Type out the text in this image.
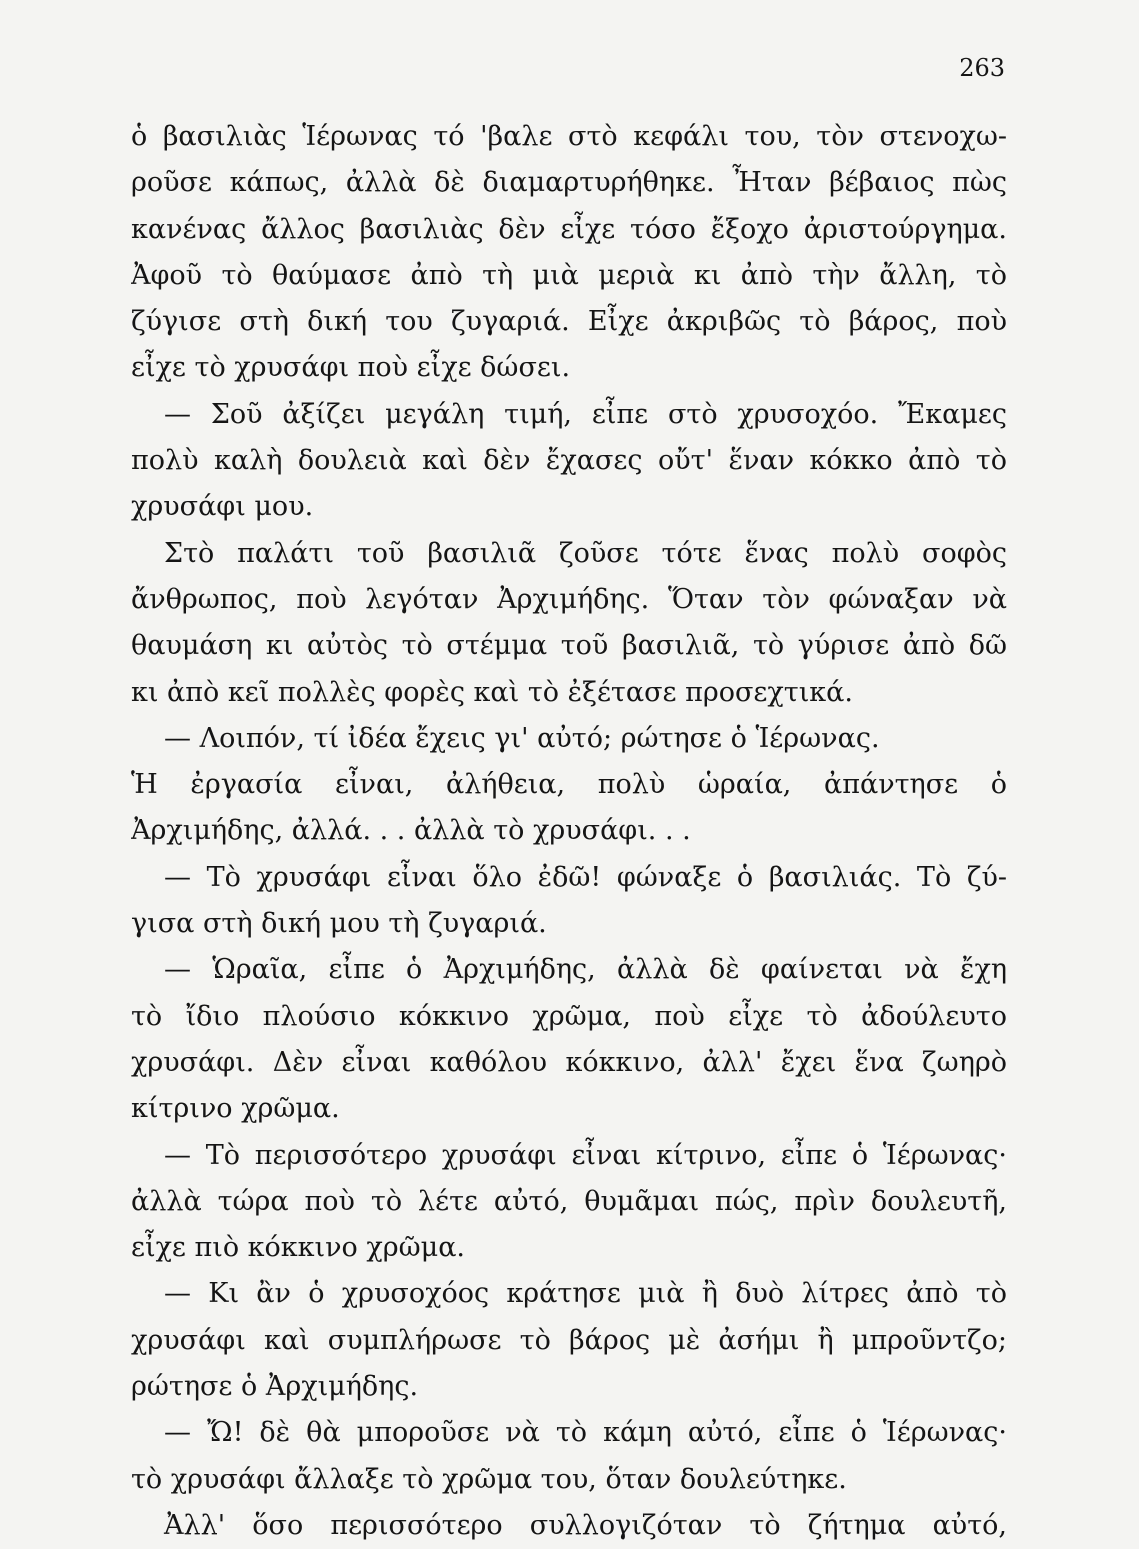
263
ὁ βασιλιὰς Ἱέρωνας τό 'βαλε στὸ κεφάλι του, τὸν στενοχω-
ροῦσε κάπως, ἀλλὰ δὲ διαμαρτυρήθηκε. Ἦταν βέβαιος πὼς
κανένας ἄλλος βασιλιὰς δὲν εἶχε τόσο ἔξοχο ἀριστούργημα.
Ἀφοῦ τὸ θαύμασε ἀπὸ τὴ μιὰ μεριὰ κι ἀπὸ τὴν ἄλλη, τὸ
ζύγισε στὴ δική του ζυγαριά. Εἶχε ἀκριβῶς τὸ βάρος, ποὺ
εἶχε τὸ χρυσάφι ποὺ εἶχε δώσει.
— Σοῦ ἀξίζει μεγάλη τιμή, εἶπε στὸ χρυσοχόο. Ἔκαμες
πολὺ καλὴ δουλειὰ καὶ δὲν ἔχασες οὔτ' ἕναν κόκκο ἀπὸ τὸ
χρυσάφι μου.
Στὸ παλάτι τοῦ βασιλιᾶ ζοῦσε τότε ἕνας πολὺ σοφὸς
ἄνθρωπος, ποὺ λεγόταν Ἀρχιμήδης. Ὅταν τὸν φώναξαν νὰ
θαυμάση κι αὐτὸς τὸ στέμμα τοῦ βασιλιᾶ, τὸ γύρισε ἀπὸ δῶ
κι ἀπὸ κεῖ πολλὲς φορὲς καὶ τὸ ἐξέτασε προσεχτικά.
— Λοιπόν, τί ἰδέα ἔχεις γι' αὐτό; ρώτησε ὁ Ἱέρωνας.
Ἡ ἐργασία εἶναι, ἀλήθεια, πολὺ ὡραία, ἀπάντησε ὁ
Ἀρχιμήδης, ἀλλά. . . ἀλλὰ τὸ χρυσάφι. . .
— Τὸ χρυσάφι εἶναι ὅλο ἐδῶ! φώναξε ὁ βασιλιάς. Τὸ ζύ-
γισα στὴ δική μου τὴ ζυγαριά.
— Ὡραῖα, εἶπε ὁ Ἀρχιμήδης, ἀλλὰ δὲ φαίνεται νὰ ἔχη
τὸ ἴδιο πλούσιο κόκκινο χρῶμα, ποὺ εἶχε τὸ ἀδούλευτο
χρυσάφι. Δὲν εἶναι καθόλου κόκκινο, ἀλλ' ἔχει ἕνα ζωηρὸ
κίτρινο χρῶμα.
— Τὸ περισσότερο χρυσάφι εἶναι κίτρινο, εἶπε ὁ Ἱέρωνας·
ἀλλὰ τώρα ποὺ τὸ λέτε αὐτό, θυμᾶμαι πώς, πρὶν δουλευτῆ,
εἶχε πιὸ κόκκινο χρῶμα.
— Κι ἂν ὁ χρυσοχόος κράτησε μιὰ ἢ δυὸ λίτρες ἀπὸ τὸ
χρυσάφι καὶ συμπλήρωσε τὸ βάρος μὲ ἀσήμι ἢ μπροῦντζο;
ρώτησε ὁ Ἀρχιμήδης.
— Ὤ! δὲ θὰ μποροῦσε νὰ τὸ κάμη αὐτό, εἶπε ὁ Ἱέρωνας·
τὸ χρυσάφι ἄλλαξε τὸ χρῶμα του, ὅταν δουλεύτηκε.
Ἀλλ' ὅσο περισσότερο συλλογιζόταν τὸ ζήτημα αὐτό,
